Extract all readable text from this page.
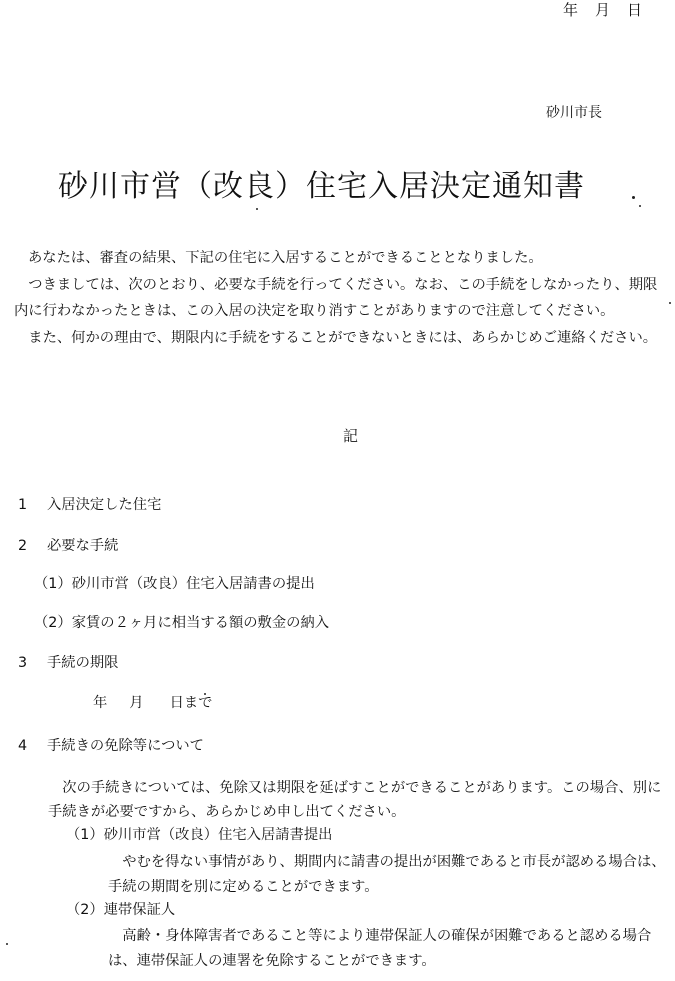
年 月 日
砂川市長
砂川市営（改良）住宅入居決定通知書

あなたは、審査の結果、下記の住宅に入居することができることとなりました。

　つきましては、次のとおり、必要な手続を行ってください。なお、この手続をしなかったり、期限内に行わなかったときは、この入居の決定を取り消すことがありますので注意してください。

　また、何かの理由で、期限内に手続をすることができないときには、あらかじめご連絡ください。

記
1 入居決定した住宅
2 必要な手続
（1）砂川市営（改良）住宅入居請書の提出
（2）家賃の２ヶ月に相当する額の敷金の納入
3 手続の期限
年 月 日まで
4 手続きの免除等について
　次の手続きについては、免除又は期限を延ばすことができることがあります。この場合、別に手続きが必要ですから、あらかじめ申し出てください。
（1）砂川市営（改良）住宅入居請書提出
　やむを得ない事情があり、期間内に請書の提出が困難であると市長が認める場合は、手続の期間を別に定めることができます。
（2）連帯保証人
　高齢・身体障害者であること等により連帯保証人の確保が困難であると認める場合は、連帯保証人の連署を免除することができます。
